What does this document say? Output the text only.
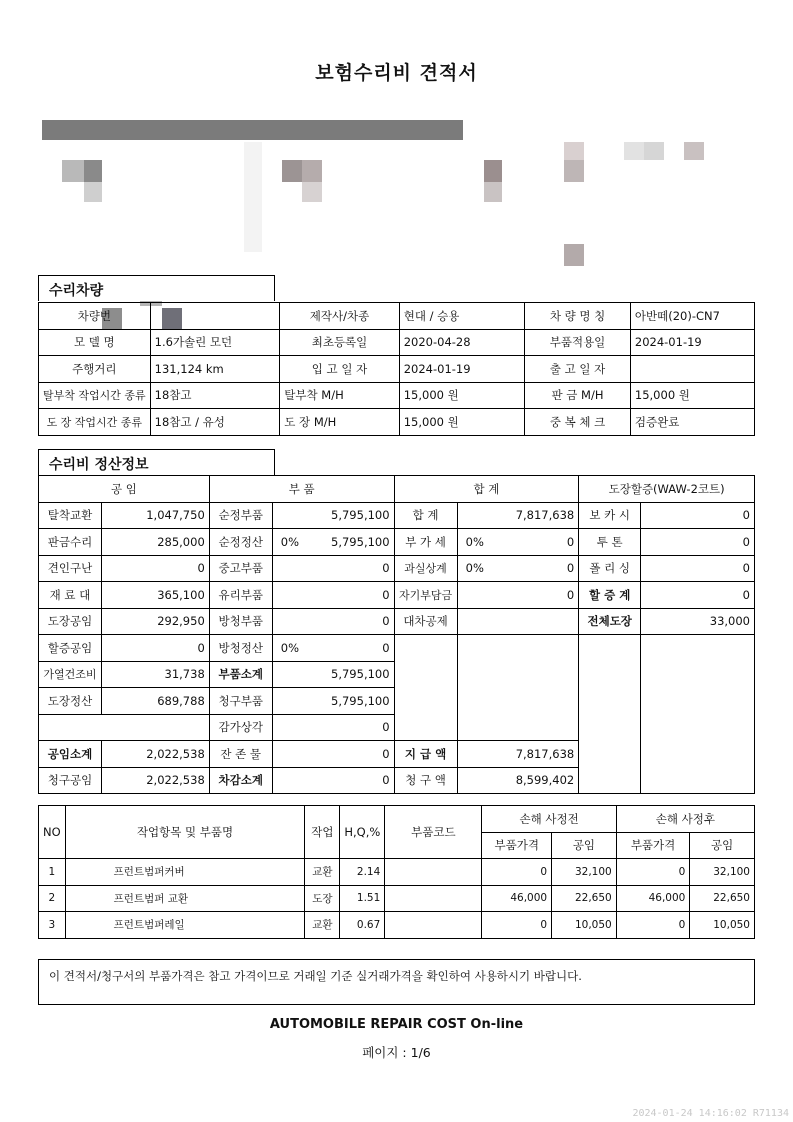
보험수리비 견적서
수리차량
차량번		제작사/차종	현대 / 승용	차 량 명 칭	아반떼(20)-CN7
모 델 명	1.6가솔린 모던	최초등록일	2020-04-28	부품적용일	2024-01-19
주행거리	131,124 km	입 고 일 자	2024-01-19	출 고 일 자	
탈부착 작업시간 종류	18참고	탈부착 M/H	15,000 원	판 금 M/H	15,000 원
도 장 작업시간 종류	18참고 / 유성	도 장 M/H	15,000 원	중 복 체 크	검증완료
수리비 정산정보
공 임		부 품			합 계			도장할증(WAW-2코트)	
탈착교환	1,047,750	순정부품	5,795,100		합 계	7,817,638		보 카 시	0
판금수리	285,000	순정정산	0%	5,795,100	부 가 세	0%	0	투 톤	0
견인구난	0	중고부품	0		과실상계	0%	0	폴 리 싱	0
재 료 대	365,100	유리부품	0		자기부담금	0		할 증 계	0
도장공임	292,950	방청부품	0		대차공제			전체도장	33,000
할증공임	0	방청정산	0%	0					
가열건조비	31,738	부품소계	5,795,100						
도장정산	689,788	청구부품	5,795,100						
		감가상각	0						
공임소계	2,022,538	잔 존 물	0		지 급 액	7,817,638			
청구공임	2,022,538	차감소계	0		청 구 액	8,599,402			
NO	작업항목 및 부품명	작업	H,Q,%	부품코드	손해 사정전		손해 사정후	
					부품가격	공임	부품가격	공임
1	프런트범퍼커버	교환	2.14		0	32,100	0	32,100
2	프런트범퍼 교환	도장	1.51		46,000	22,650	46,000	22,650
3	프런트범퍼레일	교환	0.67		0	10,050	0	10,050
이 견적서/청구서의 부품가격은 참고 가격이므로 거래일 기준 실거래가격을 확인하여 사용하시기 바랍니다.
AUTOMOBILE REPAIR COST On-line
페이지 : 1/6
2024-01-24 14:16:02 R71134
